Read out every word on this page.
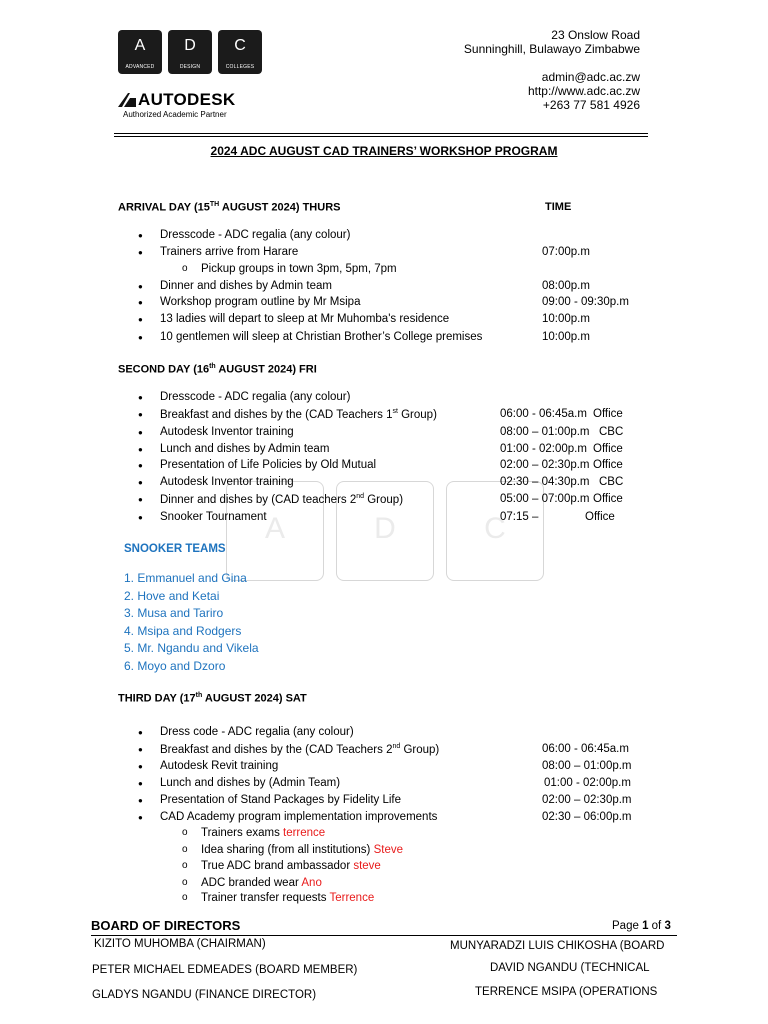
A
ADVANCED
D
DESIGN
C
COLLEGES
AUTODESK
Authorized Academic Partner
23 Onslow Road
Sunninghill, Bulawayo Zimbabwe
admin@adc.ac.zw
http://www.adc.ac.zw
+263 77 581 4926
2024 ADC AUGUST CAD TRAINERS’ WORKSHOP PROGRAM
A	D	C
ARRIVAL DAY (15TH AUGUST 2024) THURS	TIME
● Dresscode - ADC regalia (any colour)
● Trainers arrive from Harare	07:00p.m
o Pickup groups in town 3pm, 5pm, 7pm
● Dinner and dishes by Admin team	08:00p.m
● Workshop program outline by Mr Msipa	09:00 - 09:30p.m
● 13 ladies will depart to sleep at Mr Muhomba's residence	10:00p.m
● 10 gentlemen will sleep at Christian Brother’s College premises	10:00p.m
SECOND DAY (16th AUGUST 2024) FRI
● Dresscode - ADC regalia (any colour)
● Breakfast and dishes by the (CAD Teachers 1st Group)	06:00 - 06:45a.m Office
● Autodesk Inventor training	08:00 – 01:00p.m CBC
● Lunch and dishes by Admin team	01:00 - 02:00p.m Office
● Presentation of Life Policies by Old Mutual	02:00 – 02:30p.m Office
● Autodesk Inventor training	02:30 – 04:30p.m CBC
● Dinner and dishes by (CAD teachers 2nd Group)	05:00 – 07:00p.m Office
● Snooker Tournament	07:15 –	Office
SNOOKER TEAMS
1. Emmanuel and Gina
2. Hove and Ketai
3. Musa and Tariro
4. Msipa and Rodgers
5. Mr. Ngandu and Vikela
6. Moyo and Dzoro
THIRD DAY (17th AUGUST 2024) SAT
● Dress code - ADC regalia (any colour)
● Breakfast and dishes by the (CAD Teachers 2nd Group)	06:00 - 06:45a.m
● Autodesk Revit training	08:00 – 01:00p.m
● Lunch and dishes by (Admin Team)	01:00 - 02:00p.m
● Presentation of Stand Packages by Fidelity Life	02:00 – 02:30p.m
● CAD Academy program implementation improvements	02:30 – 06:00p.m
o Trainers exams terrence
o Idea sharing (from all institutions) Steve
o True ADC brand ambassador steve
o ADC branded wear Ano
o Trainer transfer requests Terrence
BOARD OF DIRECTORS	Page 1 of 3
KIZITO MUHOMBA (CHAIRMAN)
PETER MICHAEL EDMEADES (BOARD MEMBER)
GLADYS NGANDU (FINANCE DIRECTOR)
MUNYARADZI LUIS CHIKOSHA (BOARD
DAVID NGANDU (TECHNICAL
TERRENCE MSIPA (OPERATIONS
